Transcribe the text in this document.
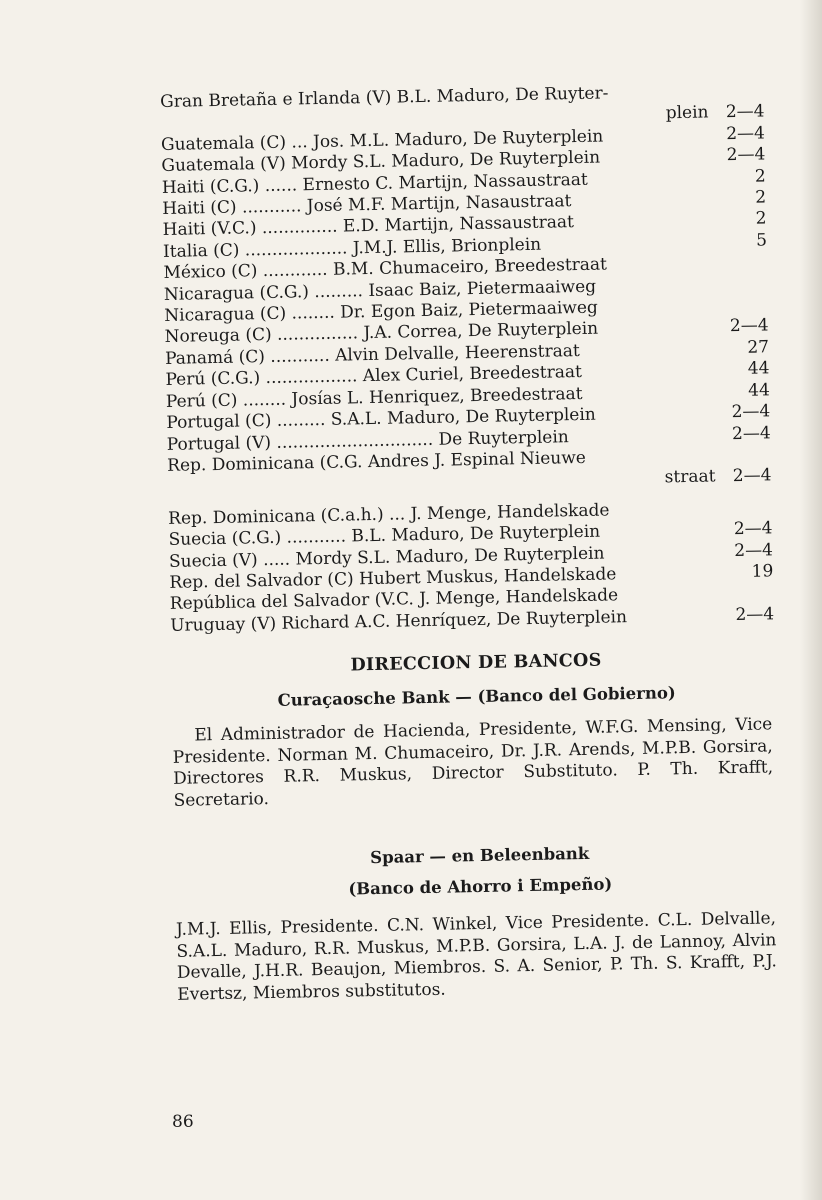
Gran Bretaña e Irlanda (V) B.L. Maduro, De Ruyter-
plein 2—4
Guatemala (C) ... Jos. M.L. Maduro, De Ruyterplein	2—4
Guatemala (V) Mordy S.L. Maduro, De Ruyterplein	2—4
Haiti (C.G.) ...... Ernesto C. Martijn, Nassaustraat	2
Haiti (C) ........... José M.F. Martijn, Nasaustraat	2
Haiti (V.C.) .............. E.D. Martijn, Nassaustraat	2
Italia (C) ................... J.M.J. Ellis, Brionplein	5
México (C) ............ B.M. Chumaceiro, Breedestraat
Nicaragua (C.G.) ......... Isaac Baiz, Pietermaaiweg
Nicaragua (C) ........ Dr. Egon Baiz, Pietermaaiweg
Noreuga (C) ............... J.A. Correa, De Ruyterplein	2—4
Panamá (C) ........... Alvin Delvalle, Heerenstraat	27
Perú (C.G.) ................. Alex Curiel, Breedestraat	44
Perú (C) ........ Josías L. Henriquez, Breedestraat	44
Portugal (C) ......... S.A.L. Maduro, De Ruyterplein	2—4
Portugal (V) ............................. De Ruyterplein	2—4
Rep. Dominicana (C.G. Andres J. Espinal Nieuwe
straat 2—4
Rep. Dominicana (C.a.h.) ... J. Menge, Handelskade
Suecia (C.G.) ........... B.L. Maduro, De Ruyterplein	2—4
Suecia (V) ..... Mordy S.L. Maduro, De Ruyterplein	2—4
Rep. del Salvador (C) Hubert Muskus, Handelskade	19
República del Salvador (V.C. J. Menge, Handelskade
Uruguay (V) Richard A.C. Henríquez, De Ruyterplein	2—4
DIRECCION DE BANCOS
Curaçaosche Bank — (Banco del Gobierno)

El Administrador de Hacienda, Presidente, W.F.G. Mensing, Vice Presidente. Norman M. Chumaceiro, Dr. J.R. Arends, M.P.B. Gorsira, Directores R.R. Muskus, Director Substituto. P. Th. Krafft, Secretario.

Spaar — en Beleenbank
(Banco de Ahorro i Empeño)

J.M.J. Ellis, Presidente. C.N. Winkel, Vice Presidente. C.L. Delvalle, S.A.L. Maduro, R.R. Muskus, M.P.B. Gorsira, L.A. J. de Lannoy, Alvin Devalle, J.H.R. Beaujon, Miembros. S. A. Senior, P. Th. S. Krafft, P.J. Evertsz, Miembros substitutos.

86
